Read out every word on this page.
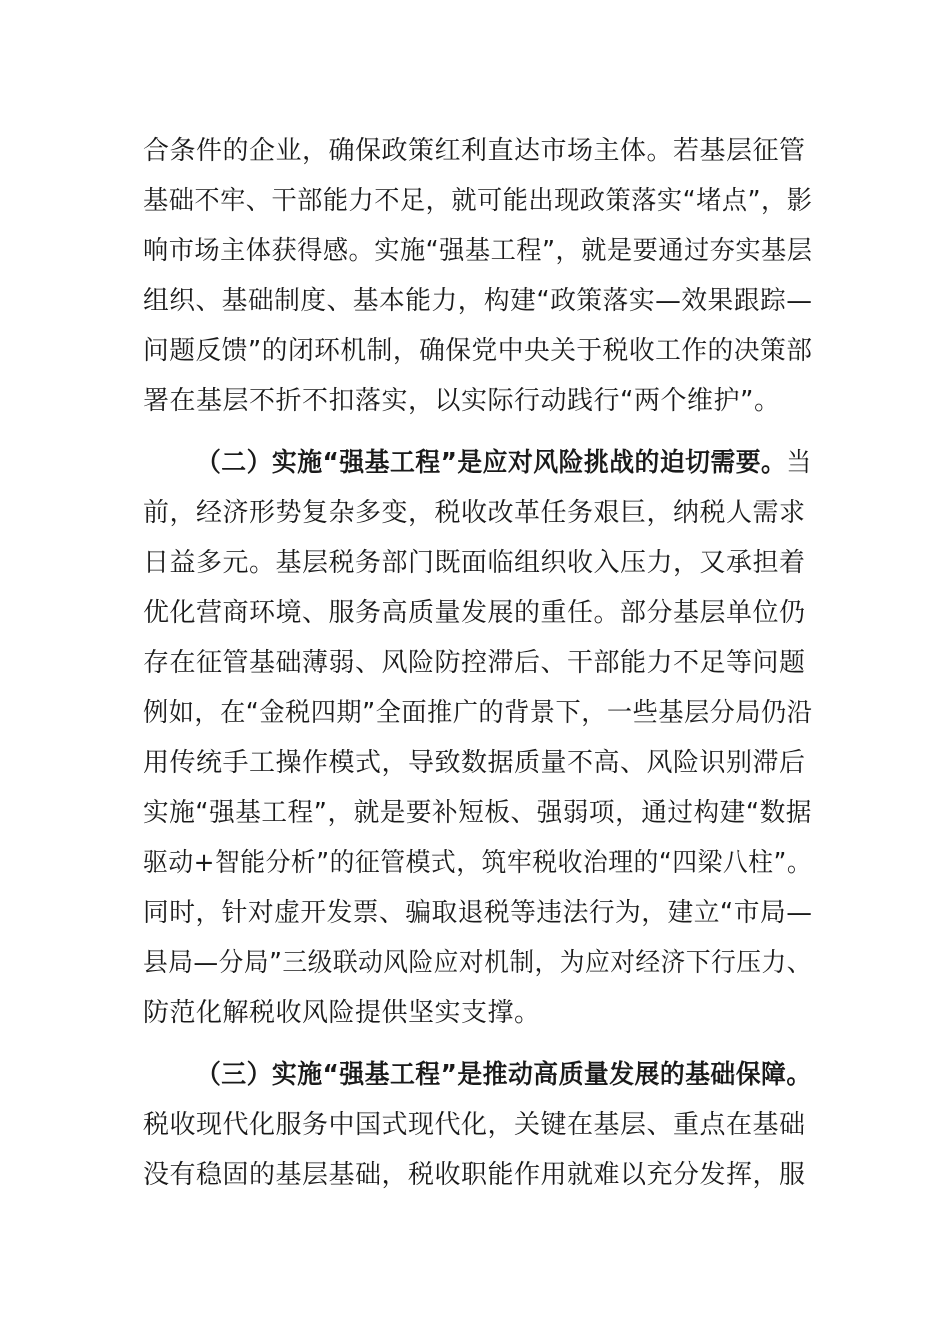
合条件的企业，确保政策红利直达市场主体。若基层征管
基础不牢、干部能力不足，就可能出现政策落实“堵点”，影
响市场主体获得感。实施“强基工程”，就是要通过夯实基层
组织、基础制度、基本能力，构建“政策落实—效果跟踪—
问题反馈”的闭环机制，确保党中央关于税收工作的决策部
署在基层不折不扣落实，以实际行动践行“两个维护”。
（二）实施“强基工程”是应对风险挑战的迫切需要。当
前，经济形势复杂多变，税收改革任务艰巨，纳税人需求
日益多元。基层税务部门既面临组织收入压力，又承担着
优化营商环境、服务高质量发展的重任。部分基层单位仍
存在征管基础薄弱、风险防控滞后、干部能力不足等问题
例如，在“金税四期”全面推广的背景下，一些基层分局仍沿
用传统手工操作模式，导致数据质量不高、风险识别滞后
实施“强基工程”，就是要补短板、强弱项，通过构建“数据
驱动+智能分析”的征管模式，筑牢税收治理的“四梁八柱”。
同时，针对虚开发票、骗取退税等违法行为，建立“市局—
县局—分局”三级联动风险应对机制，为应对经济下行压力、
防范化解税收风险提供坚实支撑。
（三）实施“强基工程”是推动高质量发展的基础保障。
税收现代化服务中国式现代化，关键在基层、重点在基础
没有稳固的基层基础，税收职能作用就难以充分发挥，服
